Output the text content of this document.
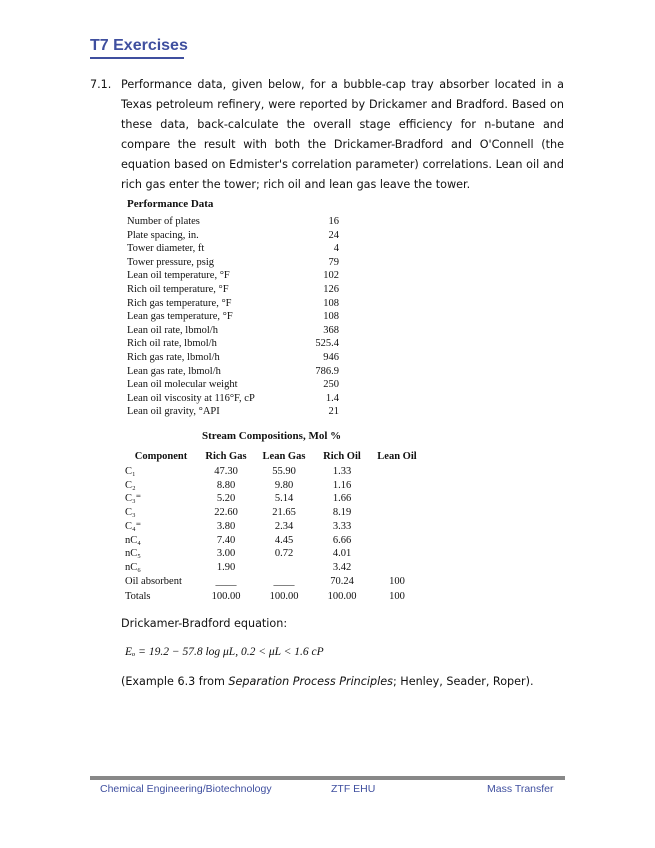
T7 Exercises
7.1. Performance data, given below, for a bubble-cap tray absorber located in a Texas petroleum refinery, were reported by Drickamer and Bradford. Based on these data, back-calculate the overall stage efficiency for n-butane and compare the result with both the Drickamer-Bradford and O'Connell (the equation based on Edmister's correlation parameter) correlations. Lean oil and rich gas enter the tower; rich oil and lean gas leave the tower.
Performance Data
Number of plates	16	
Plate spacing, in.	24	
Tower diameter, ft	4	
Tower pressure, psig	79	
Lean oil temperature, °F	102	
Rich oil temperature, °F	126	
Rich gas temperature, °F	108	
Lean gas temperature, °F	108	
Lean oil rate, lbmol/h	368	
Rich oil rate, lbmol/h	525.4	
Rich gas rate, lbmol/h	946	
Lean gas rate, lbmol/h	786.9	
Lean oil molecular weight	250	
Lean oil viscosity at 116°F, cP	1.4	
Lean oil gravity, °API	21	
Stream Compositions, Mol %
Component	Rich Gas	Lean Gas	Rich Oil	Lean Oil
C₁	47.30	55.90	1.33	
C₂	8.80	9.80	1.16	
C₃⁼	5.20	5.14	1.66	
C₃	22.60	21.65	8.19	
C₄⁼	3.80	2.34	3.33	
nC₄	7.40	4.45	6.66	
nC₅	3.00	0.72	4.01	
nC₆	1.90		3.42	
Oil absorbent	____	____	70.24	100
Totals	100.00	100.00	100.00	100
Drickamer-Bradford equation:
Eₒ = 19.2 − 57.8 log μL, 0.2 < μL < 1.6 cP
(Example 6.3 from Separation Process Principles; Henley, Seader, Roper).
Chemical Engineering/Biotechnology	ZTF EHU	Mass Transfer
